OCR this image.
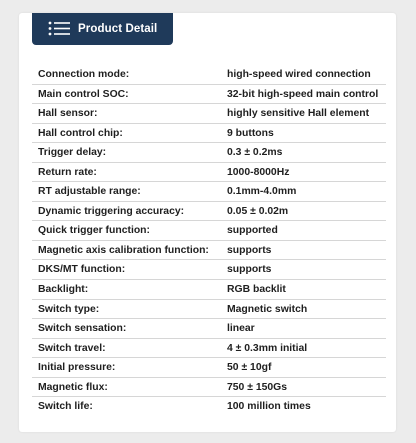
Product Detail
Connection mode:	high-speed wired connection
Main control SOC:	32-bit high-speed main control
Hall sensor:	highly sensitive Hall element
Hall control chip:	9 buttons
Trigger delay:	0.3 ± 0.2ms
Return rate:	1000-8000Hz
RT adjustable range:	0.1mm-4.0mm
Dynamic triggering accuracy:	0.05 ± 0.02m
Quick trigger function:	supported
Magnetic axis calibration function: supports
DKS/MT function:	supports
Backlight:	RGB backlit
Switch type:	Magnetic switch
Switch sensation:	linear
Switch travel:	4 ± 0.3mm initial
Initial pressure:	50 ± 10gf
Magnetic flux:	750 ± 150Gs
Switch life:	100 million times
